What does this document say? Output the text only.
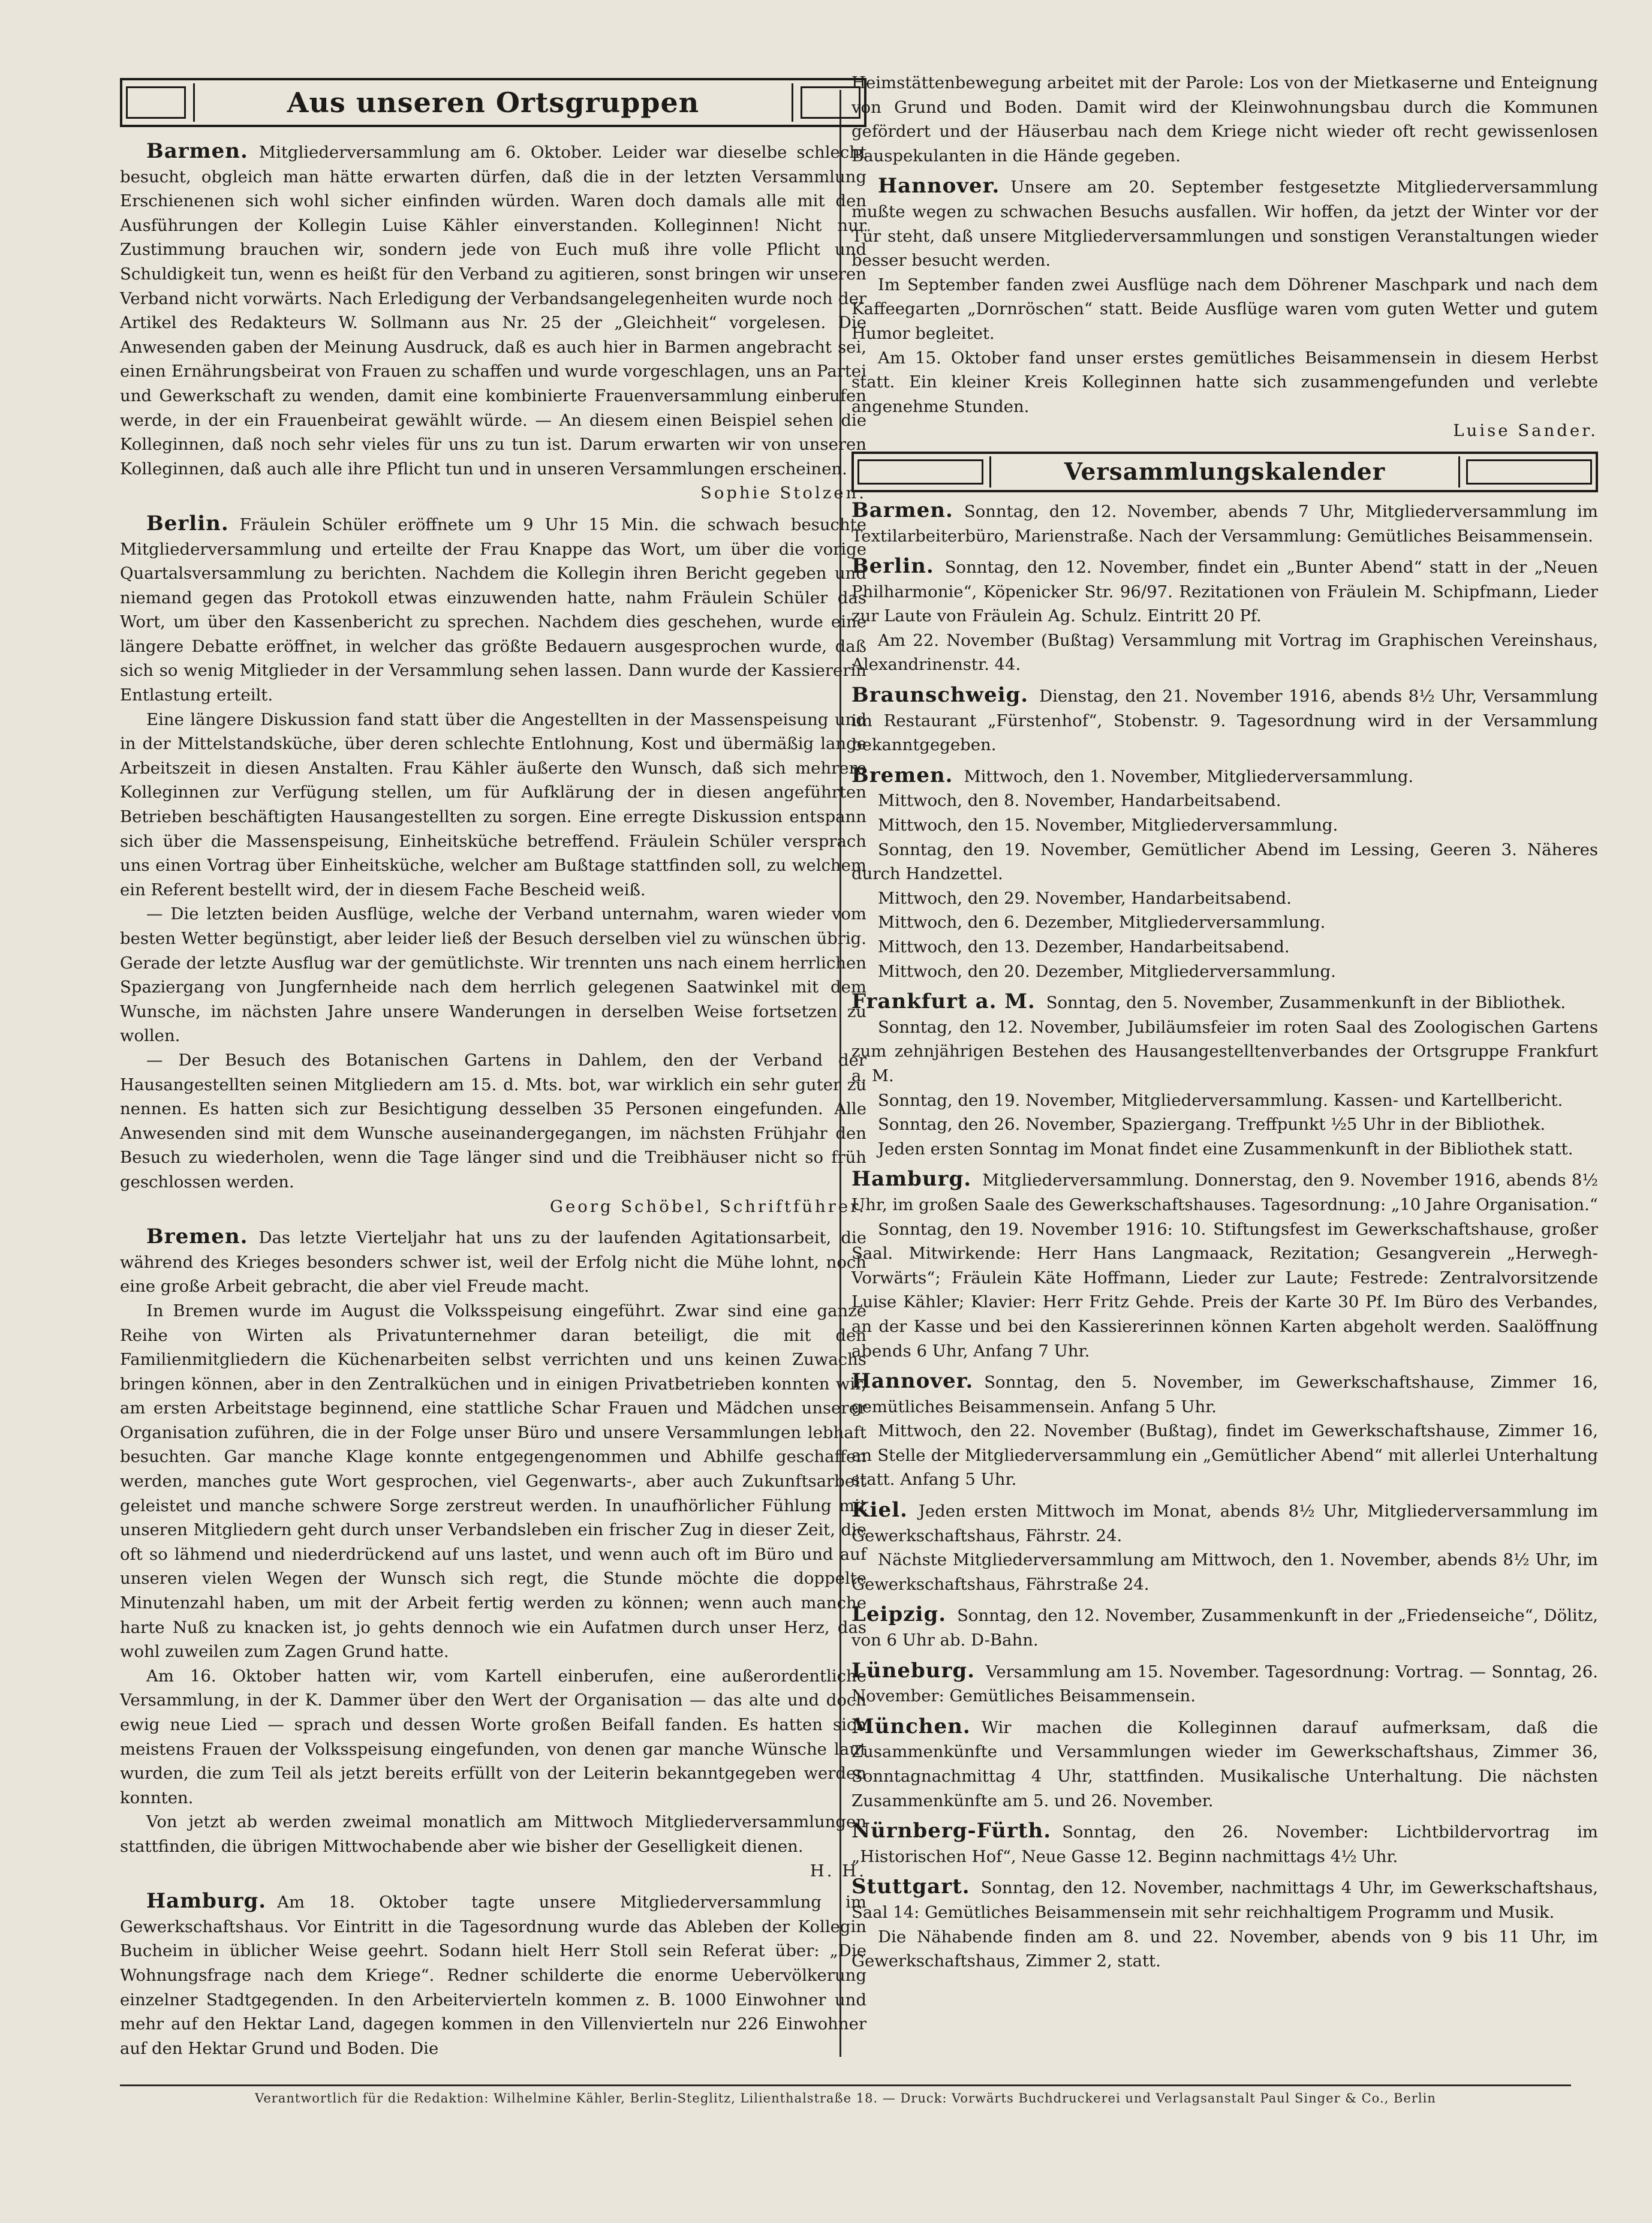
Aus unseren Ortsgruppen

Barmen. Mitgliederversammlung am 6. Oktober. Leider war dieselbe schlecht besucht, obgleich man hätte erwarten dürfen, daß die in der letzten Versammlung Erschienenen sich wohl sicher einfinden würden. Waren doch damals alle mit den Ausführungen der Kollegin Luise Kähler einverstanden. Kolleginnen! Nicht nur Zustimmung brauchen wir, sondern jede von Euch muß ihre volle Pflicht und Schuldigkeit tun, wenn es heißt für den Verband zu agitieren, sonst bringen wir unseren Verband nicht vorwärts. Nach Erledigung der Verbandsangelegenheiten wurde noch der Artikel des Redakteurs W. Sollmann aus Nr. 25 der „Gleichheit“ vorgelesen. Die Anwesenden gaben der Meinung Ausdruck, daß es auch hier in Barmen angebracht sei, einen Ernährungsbeirat von Frauen zu schaffen und wurde vorgeschlagen, uns an Partei und Gewerkschaft zu wenden, damit eine kombinierte Frauenversammlung einberufen werde, in der ein Frauenbeirat gewählt würde. — An diesem einen Beispiel sehen die Kolleginnen, daß noch sehr vieles für uns zu tun ist. Darum erwarten wir von unseren Kolleginnen, daß auch alle ihre Pflicht tun und in unseren Versammlungen erscheinen.

Sophie Stolzen.

Berlin. Fräulein Schüler eröffnete um 9 Uhr 15 Min. die schwach besuchte Mitgliederversammlung und erteilte der Frau Knappe das Wort, um über die vorige Quartalsversammlung zu berichten. Nachdem die Kollegin ihren Bericht gegeben und niemand gegen das Protokoll etwas einzuwenden hatte, nahm Fräulein Schüler das Wort, um über den Kassenbericht zu sprechen. Nachdem dies geschehen, wurde eine längere Debatte eröffnet, in welcher das größte Bedauern ausgesprochen wurde, daß sich so wenig Mitglieder in der Versammlung sehen lassen. Dann wurde der Kassiererin Entlastung erteilt.

Eine längere Diskussion fand statt über die Angestellten in der Massenspeisung und in der Mittelstandsküche, über deren schlechte Entlohnung, Kost und übermäßig lange Arbeitszeit in diesen Anstalten. Frau Kähler äußerte den Wunsch, daß sich mehrere Kolleginnen zur Verfügung stellen, um für Aufklärung der in diesen angeführten Betrieben beschäftigten Hausangestellten zu sorgen. Eine erregte Diskussion entspann sich über die Massenspeisung, Einheitsküche betreffend. Fräulein Schüler versprach uns einen Vortrag über Einheitsküche, welcher am Bußtage stattfinden soll, zu welchem ein Referent bestellt wird, der in diesem Fache Bescheid weiß.

— Die letzten beiden Ausflüge, welche der Verband unternahm, waren wieder vom besten Wetter begünstigt, aber leider ließ der Besuch derselben viel zu wünschen übrig. Gerade der letzte Ausflug war der gemütlichste. Wir trennten uns nach einem herrlichen Spaziergang von Jungfernheide nach dem herrlich gelegenen Saatwinkel mit dem Wunsche, im nächsten Jahre unsere Wanderungen in derselben Weise fortsetzen zu wollen.

— Der Besuch des Botanischen Gartens in Dahlem, den der Verband der Hausangestellten seinen Mitgliedern am 15. d. Mts. bot, war wirklich ein sehr guter zu nennen. Es hatten sich zur Besichtigung desselben 35 Personen eingefunden. Alle Anwesenden sind mit dem Wunsche auseinandergegangen, im nächsten Frühjahr den Besuch zu wiederholen, wenn die Tage länger sind und die Treibhäuser nicht so früh geschlossen werden.

Georg Schöbel, Schriftführer.

Bremen. Das letzte Vierteljahr hat uns zu der laufenden Agitationsarbeit, die während des Krieges besonders schwer ist, weil der Erfolg nicht die Mühe lohnt, noch eine große Arbeit gebracht, die aber viel Freude macht.

In Bremen wurde im August die Volksspeisung eingeführt. Zwar sind eine ganze Reihe von Wirten als Privatunternehmer daran beteiligt, die mit den Familienmitgliedern die Küchenarbeiten selbst verrichten und uns keinen Zuwachs bringen können, aber in den Zentralküchen und in einigen Privatbetrieben konnten wir, am ersten Arbeitstage beginnend, eine stattliche Schar Frauen und Mädchen unserer Organisation zuführen, die in der Folge unser Büro und unsere Versammlungen lebhaft besuchten. Gar manche Klage konnte entgegengenommen und Abhilfe geschaffen werden, manches gute Wort gesprochen, viel Gegenwarts-, aber auch Zukunftsarbeit geleistet und manche schwere Sorge zerstreut werden. In unaufhörlicher Fühlung mit unseren Mitgliedern geht durch unser Verbandsleben ein frischer Zug in dieser Zeit, die oft so lähmend und niederdrückend auf uns lastet, und wenn auch oft im Büro und auf unseren vielen Wegen der Wunsch sich regt, die Stunde möchte die doppelte Minutenzahl haben, um mit der Arbeit fertig werden zu können; wenn auch manche harte Nuß zu knacken ist, jo gehts dennoch wie ein Aufatmen durch unser Herz, das wohl zuweilen zum Zagen Grund hatte.

Am 16. Oktober hatten wir, vom Kartell einberufen, eine außerordentliche Versammlung, in der K. Dammer über den Wert der Organisation — das alte und doch ewig neue Lied — sprach und dessen Worte großen Beifall fanden. Es hatten sich meistens Frauen der Volksspeisung eingefunden, von denen gar manche Wünsche laut wurden, die zum Teil als jetzt bereits erfüllt von der Leiterin bekanntgegeben werden konnten.

Von jetzt ab werden zweimal monatlich am Mittwoch Mitgliederversammlungen stattfinden, die übrigen Mittwochabende aber wie bisher der Geselligkeit dienen.

H. H.

Hamburg. Am 18. Oktober tagte unsere Mitgliederversammlung im Gewerkschaftshaus. Vor Eintritt in die Tagesordnung wurde das Ableben der Kollegin Bucheim in üblicher Weise geehrt. Sodann hielt Herr Stoll sein Referat über: „Die Wohnungsfrage nach dem Kriege“. Redner schilderte die enorme Uebervölkerung einzelner Stadtgegenden. In den Arbeitervierteln kommen z. B. 1000 Einwohner und mehr auf den Hektar Land, dagegen kommen in den Villenvierteln nur 226 Einwohner auf den Hektar Grund und Boden. Die

Heimstättenbewegung arbeitet mit der Parole: Los von der Mietkaserne und Enteignung von Grund und Boden. Damit wird der Kleinwohnungsbau durch die Kommunen gefördert und der Häuserbau nach dem Kriege nicht wieder oft recht gewissenlosen Bauspekulanten in die Hände gegeben.

Hannover. Unsere am 20. September festgesetzte Mitgliederversammlung mußte wegen zu schwachen Besuchs ausfallen. Wir hoffen, da jetzt der Winter vor der Tür steht, daß unsere Mitgliederversammlungen und sonstigen Veranstaltungen wieder besser besucht werden.

Im September fanden zwei Ausflüge nach dem Döhrener Maschpark und nach dem Kaffeegarten „Dornröschen“ statt. Beide Ausflüge waren vom guten Wetter und gutem Humor begleitet.

Am 15. Oktober fand unser erstes gemütliches Beisammensein in diesem Herbst statt. Ein kleiner Kreis Kolleginnen hatte sich zusammengefunden und verlebte angenehme Stunden.

Luise Sander.

Versammlungskalender

Barmen. Sonntag, den 12. November, abends 7 Uhr, Mitgliederversammlung im Textilarbeiterbüro, Marienstraße. Nach der Versammlung: Gemütliches Beisammensein.

Berlin. Sonntag, den 12. November, findet ein „Bunter Abend“ statt in der „Neuen Philharmonie“, Köpenicker Str. 96/97. Rezitationen von Fräulein M. Schipfmann, Lieder zur Laute von Fräulein Ag. Schulz. Eintritt 20 Pf.

Am 22. November (Bußtag) Versammlung mit Vortrag im Graphischen Vereinshaus, Alexandrinenstr. 44.

Braunschweig. Dienstag, den 21. November 1916, abends 8½ Uhr, Versammlung im Restaurant „Fürstenhof“, Stobenstr. 9. Tagesordnung wird in der Versammlung bekanntgegeben.

Bremen. Mittwoch, den 1. November, Mitgliederversammlung.

Mittwoch, den 8. November, Handarbeitsabend.

Mittwoch, den 15. November, Mitgliederversammlung.

Sonntag, den 19. November, Gemütlicher Abend im Lessing, Geeren 3. Näheres durch Handzettel.

Mittwoch, den 29. November, Handarbeitsabend.

Mittwoch, den 6. Dezember, Mitgliederversammlung.

Mittwoch, den 13. Dezember, Handarbeitsabend.

Mittwoch, den 20. Dezember, Mitgliederversammlung.

Frankfurt a. M. Sonntag, den 5. November, Zusammenkunft in der Bibliothek.

Sonntag, den 12. November, Jubiläumsfeier im roten Saal des Zoologischen Gartens zum zehnjährigen Bestehen des Hausangestelltenverbandes der Ortsgruppe Frankfurt a. M.

Sonntag, den 19. November, Mitgliederversammlung. Kassen- und Kartellbericht.

Sonntag, den 26. November, Spaziergang. Treffpunkt ½5 Uhr in der Bibliothek.

Jeden ersten Sonntag im Monat findet eine Zusammenkunft in der Bibliothek statt.

Hamburg. Mitgliederversammlung. Donnerstag, den 9. November 1916, abends 8½ Uhr, im großen Saale des Gewerkschaftshauses. Tagesordnung: „10 Jahre Organisation.“

Sonntag, den 19. November 1916: 10. Stiftungsfest im Gewerkschaftshause, großer Saal. Mitwirkende: Herr Hans Langmaack, Rezitation; Gesangverein „Herwegh-Vorwärts“; Fräulein Käte Hoffmann, Lieder zur Laute; Festrede: Zentralvorsitzende Luise Kähler; Klavier: Herr Fritz Gehde. Preis der Karte 30 Pf. Im Büro des Verbandes, an der Kasse und bei den Kassiererinnen können Karten abgeholt werden. Saalöffnung abends 6 Uhr, Anfang 7 Uhr.

Hannover. Sonntag, den 5. November, im Gewerkschaftshause, Zimmer 16, gemütliches Beisammensein. Anfang 5 Uhr.

Mittwoch, den 22. November (Bußtag), findet im Gewerkschaftshause, Zimmer 16, an Stelle der Mitgliederversammlung ein „Gemütlicher Abend“ mit allerlei Unterhaltung statt. Anfang 5 Uhr.

Kiel. Jeden ersten Mittwoch im Monat, abends 8½ Uhr, Mitgliederversammlung im Gewerkschaftshaus, Fährstr. 24.

Nächste Mitgliederversammlung am Mittwoch, den 1. November, abends 8½ Uhr, im Gewerkschaftshaus, Fährstraße 24.

Leipzig. Sonntag, den 12. November, Zusammenkunft in der „Friedenseiche“, Dölitz, von 6 Uhr ab. D-Bahn.

Lüneburg. Versammlung am 15. November. Tagesordnung: Vortrag. — Sonntag, 26. November: Gemütliches Beisammensein.

München. Wir machen die Kolleginnen darauf aufmerksam, daß die Zusammenkünfte und Versammlungen wieder im Gewerkschaftshaus, Zimmer 36, Sonntagnachmittag 4 Uhr, stattfinden. Musikalische Unterhaltung. Die nächsten Zusammenkünfte am 5. und 26. November.

Nürnberg-Fürth. Sonntag, den 26. November: Lichtbildervortrag im „Historischen Hof“, Neue Gasse 12. Beginn nachmittags 4½ Uhr.

Stuttgart. Sonntag, den 12. November, nachmittags 4 Uhr, im Gewerkschaftshaus, Saal 14: Gemütliches Beisammensein mit sehr reichhaltigem Programm und Musik.

Die Nähabende finden am 8. und 22. November, abends von 9 bis 11 Uhr, im Gewerkschaftshaus, Zimmer 2, statt.

Verantwortlich für die Redaktion: Wilhelmine Kähler, Berlin-Steglitz, Lilienthalstraße 18. — Druck: Vorwärts Buchdruckerei und Verlagsanstalt Paul Singer & Co., Berlin
